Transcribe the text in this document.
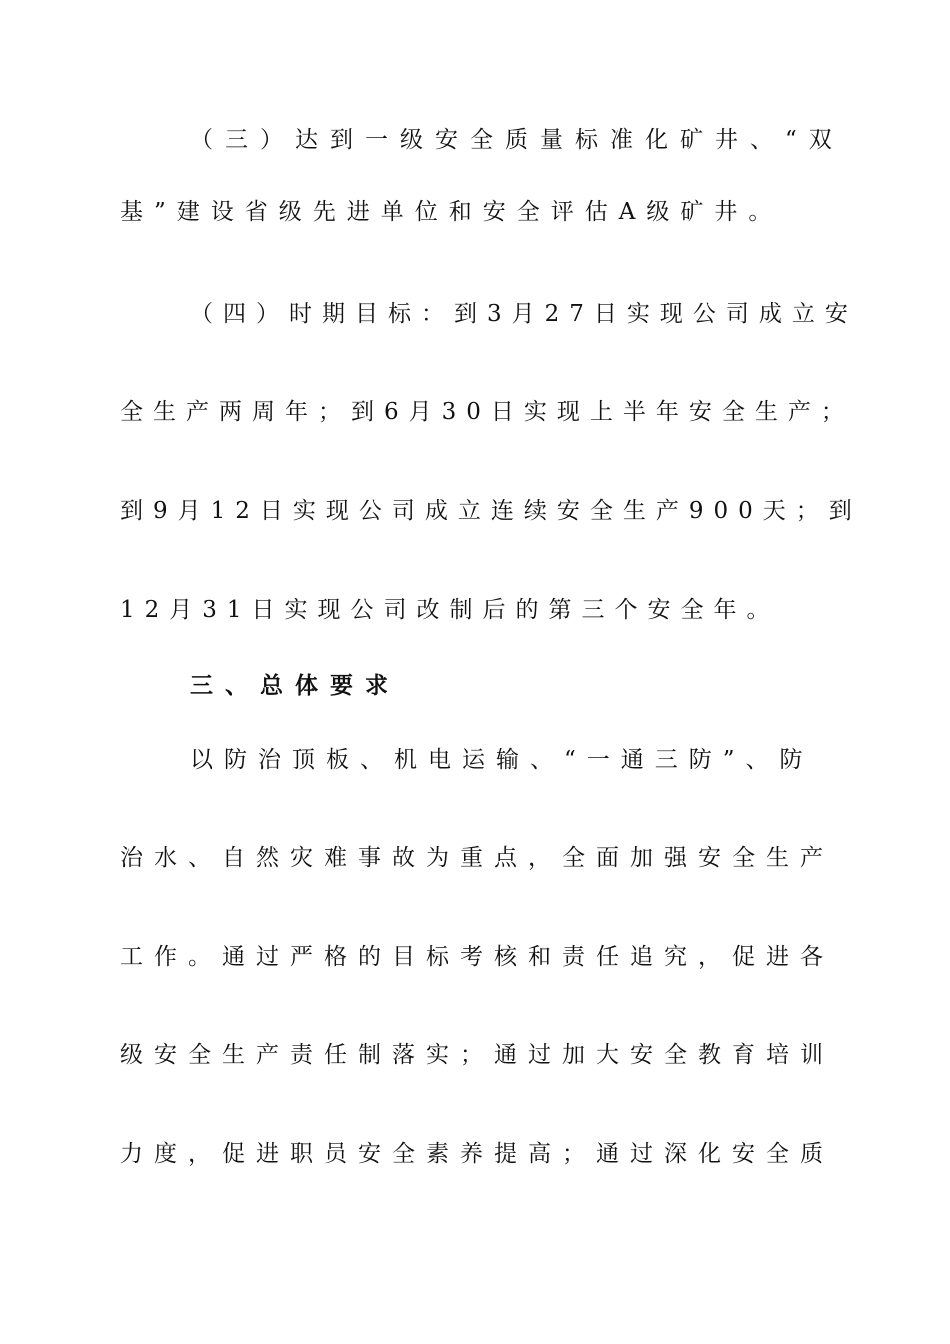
（三）达到一级安全质量标准化矿井、“双
基”建设省级先进单位和安全评估A级矿井。
（四）时期目标：到3月27日实现公司成立安
全生产两周年；到6月30日实现上半年安全生产；
到9月12日实现公司成立连续安全生产900天；到
12月31日实现公司改制后的第三个安全年。
三、总体要求
以防治顶板、机电运输、“一通三防”、防
治水、自然灾难事故为重点，全面加强安全生产
工作。通过严格的目标考核和责任追究，促进各
级安全生产责任制落实；通过加大安全教育培训
力度，促进职员安全素养提高；通过深化安全质
